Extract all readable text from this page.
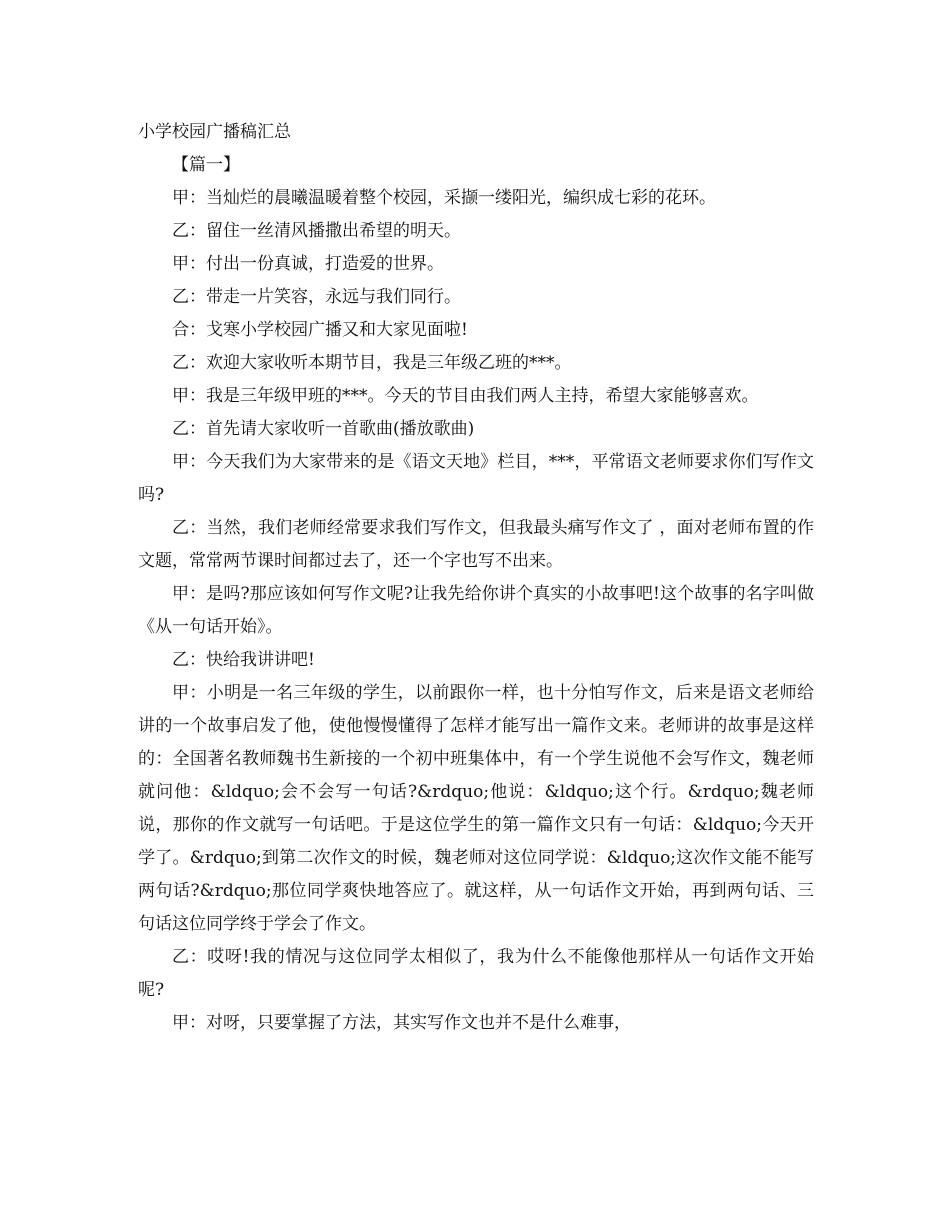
小学校园广播稿汇总

【篇一】

甲：当灿烂的晨曦温暖着整个校园，采撷一缕阳光，编织成七彩的花环。

乙：留住一丝清风播撒出希望的明天。

甲：付出一份真诚，打造爱的世界。

乙：带走一片笑容，永远与我们同行。

合：戈寒小学校园广播又和大家见面啦!

乙：欢迎大家收听本期节目，我是三年级乙班的***。

甲：我是三年级甲班的***。今天的节目由我们两人主持，希望大家能够喜欢。

乙：首先请大家收听一首歌曲(播放歌曲)

甲：今天我们为大家带来的是《语文天地》栏目，***，平常语文老师要求你们写作文吗?

乙：当然，我们老师经常要求我们写作文，但我最头痛写作文了 ，面对老师布置的作文题，常常两节课时间都过去了，还一个字也写不出来。

甲：是吗?那应该如何写作文呢?让我先给你讲个真实的小故事吧!这个故事的名字叫做《从一句话开始》。

乙：快给我讲讲吧!

甲：小明是一名三年级的学生，以前跟你一样，也十分怕写作文，后来是语文老师给讲的一个故事启发了他，使他慢慢懂得了怎样才能写出一篇作文来。老师讲的故事是这样的：全国著名教师魏书生新接的一个初中班集体中，有一个学生说他不会写作文，魏老师就问他：&ldquo;会不会写一句话?&rdquo;他说：&ldquo;这个行。&rdquo;魏老师说，那你的作文就写一句话吧。于是这位学生的第一篇作文只有一句话：&ldquo;今天开学了。&rdquo;到第二次作文的时候，魏老师对这位同学说：&ldquo;这次作文能不能写两句话?&rdquo;那位同学爽快地答应了。就这样，从一句话作文开始，再到两句话、三句话这位同学终于学会了作文。

乙：哎呀!我的情况与这位同学太相似了，我为什么不能像他那样从一句话作文开始呢?

甲：对呀，只要掌握了方法，其实写作文也并不是什么难事，
